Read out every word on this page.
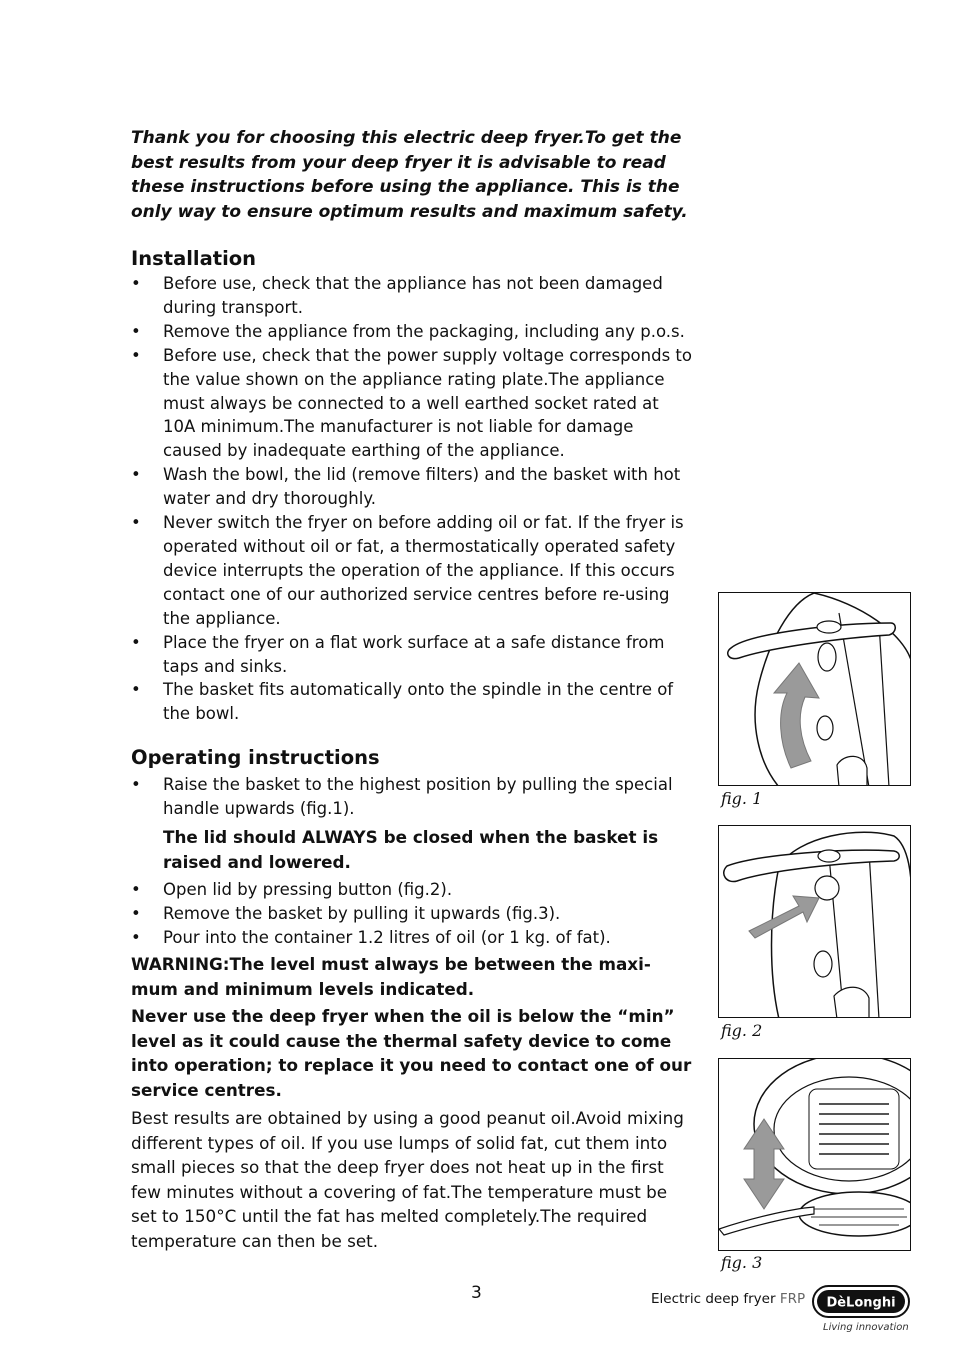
Thank you for choosing this electric deep fryer.To get the best results from your deep fryer it is advisable to read these instructions before using the appliance. This is the only way to ensure optimum results and maximum safety.

Installation
• Before use, check that the appliance has not been damaged during transport.
• Remove the appliance from the packaging, including any p.o.s.
• Before use, check that the power supply voltage corresponds to the value shown on the appliance rating plate.The appliance must always be connected to a well earthed socket rated at 10A minimum.The manufacturer is not liable for damage caused by inadequate earthing of the appliance.
• Wash the bowl, the lid (remove filters) and the basket with hot water and dry thoroughly.
• Never switch the fryer on before adding oil or fat. If the fryer is operated without oil or fat, a thermostatically operated safety device interrupts the operation of the appliance. If this occurs contact one of our authorized service centres before re-using the appliance.
• Place the fryer on a flat work surface at a safe distance from taps and sinks.
• The basket fits automatically onto the spindle in the centre of the bowl.
Operating instructions
• Raise the basket to the highest position by pulling the special handle upwards (fig.1).

The lid should ALWAYS be closed when the basket is raised and lowered.

• Open lid by pressing button (fig.2).
• Remove the basket by pulling it upwards (fig.3).
• Pour into the container 1.2 litres of oil (or 1 kg. of fat).

WARNING:The level must always be between the maxi-mum and minimum levels indicated.

Never use the deep fryer when the oil is below the “min” level as it could cause the thermal safety device to come into operation; to replace it you need to contact one of our service centres.

Best results are obtained by using a good peanut oil.Avoid mixing different types of oil. If you use lumps of solid fat, cut them into small pieces so that the deep fryer does not heat up in the first few minutes without a covering of fat.The temperature must be set to 150°C until the fat has melted completely.The required temperature can then be set.

fig. 1
fig. 2
fig. 3
3	Electric deep fryer FRP DèLonghi
Living innovation
